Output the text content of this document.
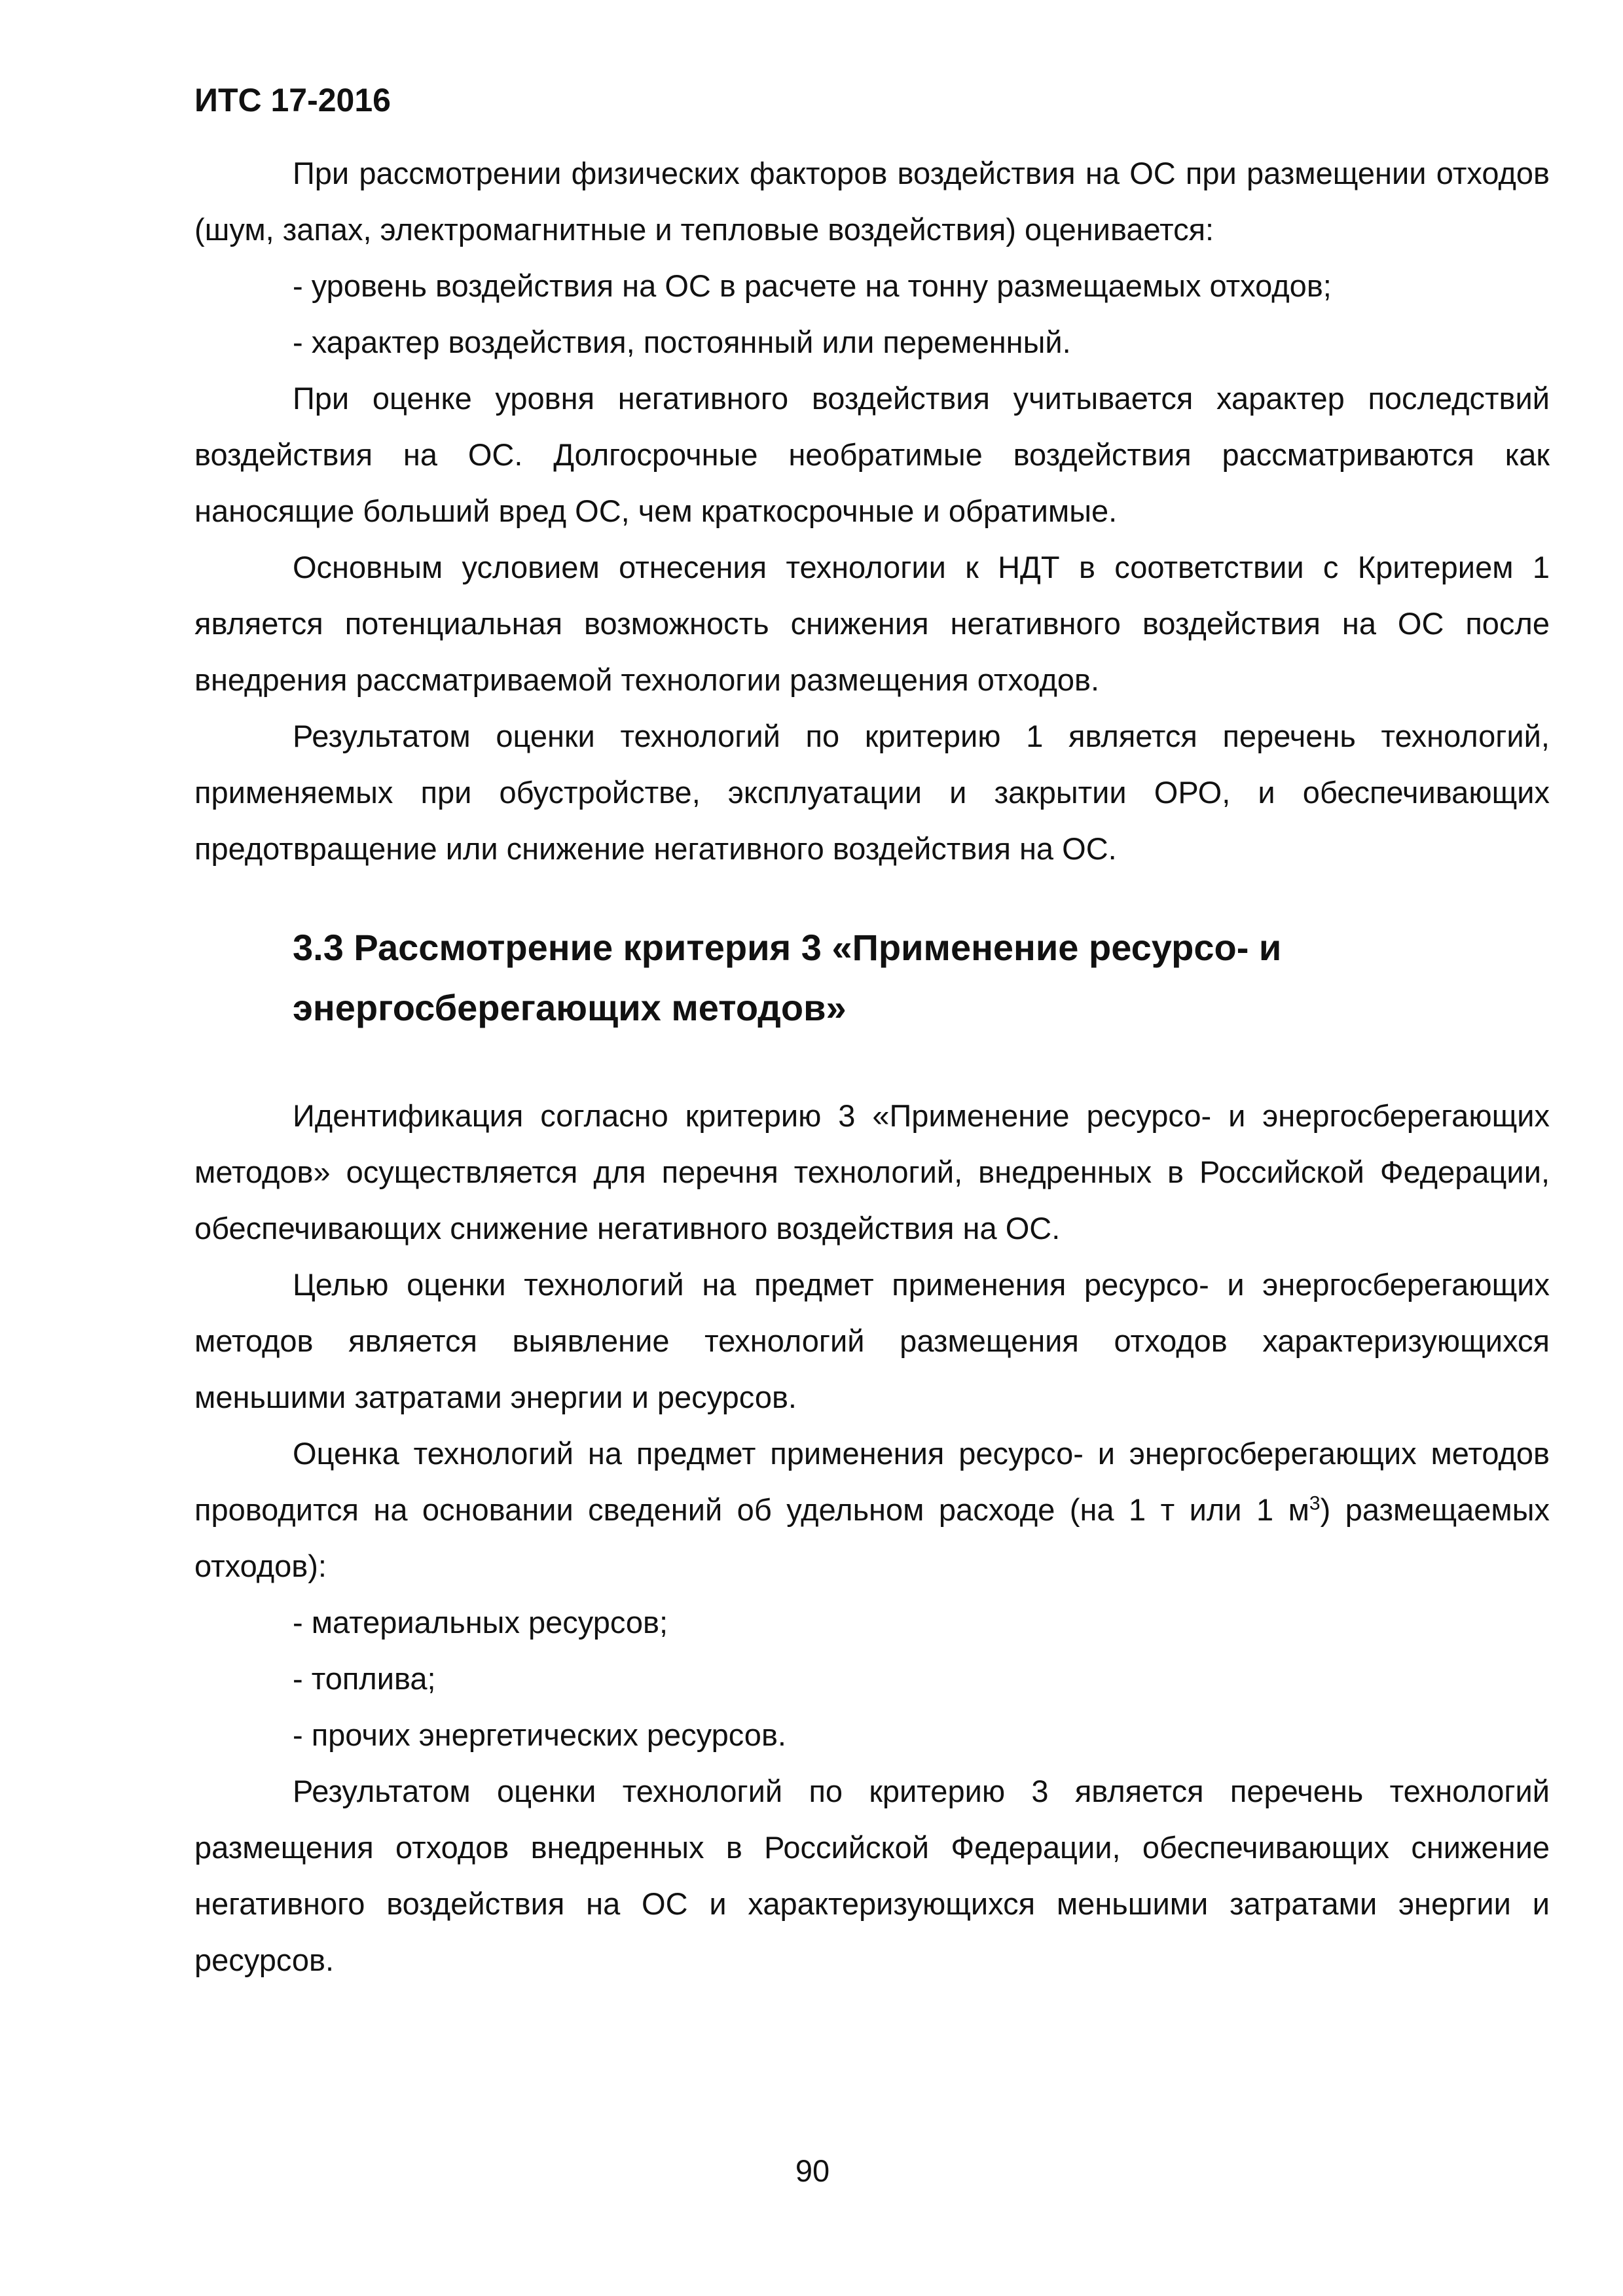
ИТС 17-2016

При рассмотрении физических факторов воздействия на ОС при размещении отходов (шум, запах, электромагнитные и тепловые воздействия) оценивается:

- уровень воздействия на ОС в расчете на тонну размещаемых отходов;

- характер воздействия, постоянный или переменный.

При оценке уровня негативного воздействия учитывается характер последствий воздействия на ОС. Долгосрочные необратимые воздействия рассматриваются как наносящие больший вред ОС, чем краткосрочные и обратимые.

Основным условием отнесения технологии к НДТ в соответствии с Критерием 1 является потенциальная возможность снижения негативного воздействия на ОС после внедрения рассматриваемой технологии размещения отходов.

Результатом оценки технологий по критерию 1 является перечень технологий, применяемых при обустройстве, эксплуатации и закрытии ОРО, и обеспечивающих предотвращение или снижение негативного воздействия на ОС.

3.3 Рассмотрение критерия 3 «Применение ресурсо- и
энергосберегающих методов»

Идентификация согласно критерию 3 «Применение ресурсо- и энергосберегающих методов» осуществляется для перечня технологий, внедренных в Российской Федерации, обеспечивающих снижение негативного воздействия на ОС.

Целью оценки технологий на предмет применения ресурсо- и энергосберегающих методов является выявление технологий размещения отходов характеризующихся меньшими затратами энергии и ресурсов.

Оценка технологий на предмет применения ресурсо- и энергосберегающих методов проводится на основании сведений об удельном расходе (на 1 т или 1 $м^3$) размещаемых отходов):

- материальных ресурсов;

- топлива;

- прочих энергетических ресурсов.

Результатом оценки технологий по критерию 3 является перечень технологий размещения отходов внедренных в Российской Федерации, обеспечивающих снижение негативного воздействия на ОС и характеризующихся меньшими затратами энергии и ресурсов.

90
